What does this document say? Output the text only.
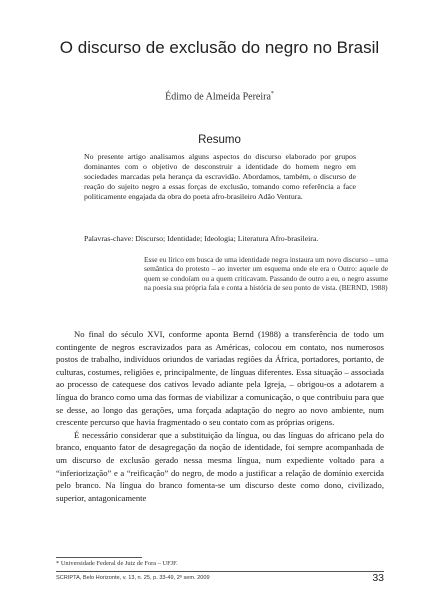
O discurso de exclusão do negro no Brasil
Édimo de Almeida Pereira*
Resumo
No presente artigo analisamos alguns aspectos do discurso elaborado por grupos dominantes com o objetivo de desconstruir a identidade do homem negro em sociedades marcadas pela herança da escravidão. Abordamos, também, o discurso de reação do sujeito negro a essas forças de exclusão, tomando como referência a face politicamente engajada da obra do poeta afro-brasileiro Adão Ventura.
Palavras-chave: Discurso; Identidade; Ideologia; Literatura Afro-brasileira.
Esse eu lírico em busca de uma identidade negra instaura um novo discurso – uma semântica do protesto – ao inverter um esquema onde ele era o Outro: aquele de quem se condoíam ou a quem criticavam. Passando de outro a eu, o negro assume na poesia sua própria fala e conta a história de seu ponto de vista. (BERND, 1988)

No final do século XVI, conforme aponta Bernd (1988) a transferência de todo um contingente de negros escravizados para as Américas, colocou em contato, nos numerosos postos de trabalho, indivíduos oriundos de variadas regiões da África, portadores, portanto, de culturas, costumes, religiões e, principalmente, de línguas diferentes. Essa situação – associada ao processo de catequese dos cativos levado adiante pela Igreja, – obrigou-os a adotarem a língua do branco como uma das formas de viabilizar a comunicação, o que contribuiu para que se desse, ao longo das gerações, uma forçada adaptação do negro ao novo ambiente, num crescente percurso que havia fragmentado o seu contato com as próprias origens.

É necessário considerar que a substituição da língua, ou das línguas do africano pela do branco, enquanto fator de desagregação da noção de identidade, foi sempre acompanhada de um discurso de exclusão gerado nessa mesma língua, num expediente voltado para a “inferiorização” e a “reificação” do negro, de modo a justificar a relação de domínio exercida pelo branco. Na língua do branco fomenta-se um discurso deste como dono, civilizado, superior, antagonicamente

* Universidade Federal de Juiz de Fora – UFJF.
SCRIPTA, Belo Horizonte, v. 13, n. 25, p. 33-49, 2º sem. 2009	33
